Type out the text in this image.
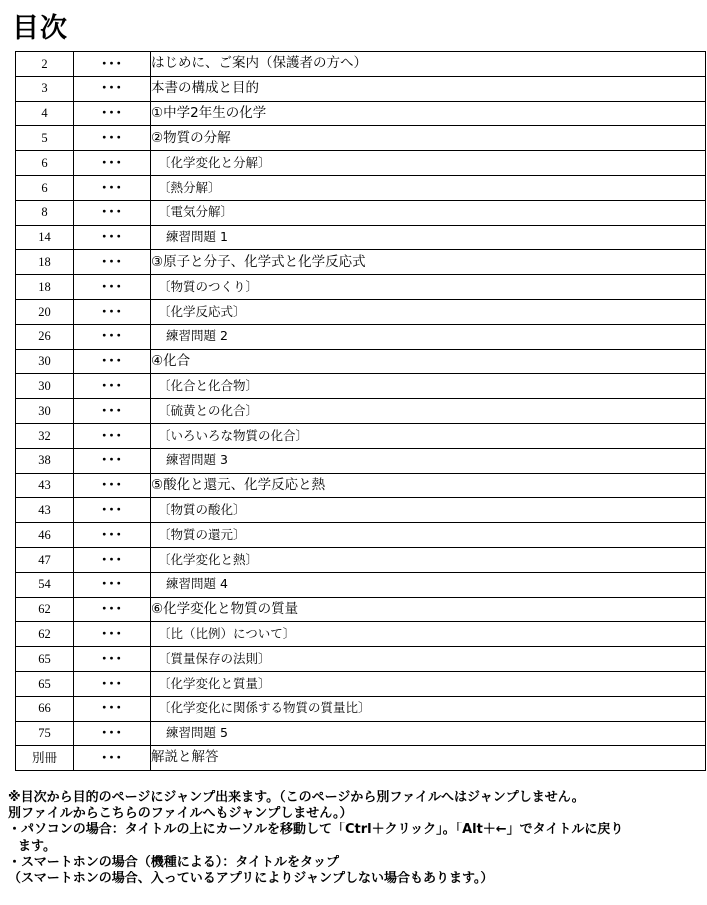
目次
2	･･･	はじめに、ご案内（保護者の方へ）
3	･･･	本書の構成と目的
4	･･･	①中学2年生の化学
5	･･･	②物質の分解
6	･･･	〔化学変化と分解〕
6	･･･	〔熱分解〕
8	･･･	〔電気分解〕
14	･･･	練習問題 1
18	･･･	③原子と分子、化学式と化学反応式
18	･･･	〔物質のつくり〕
20	･･･	〔化学反応式〕
26	･･･	練習問題 2
30	･･･	④化合
30	･･･	〔化合と化合物〕
30	･･･	〔硫黄との化合〕
32	･･･	〔いろいろな物質の化合〕
38	･･･	練習問題 3
43	･･･	⑤酸化と還元、化学反応と熱
43	･･･	〔物質の酸化〕
46	･･･	〔物質の還元〕
47	･･･	〔化学変化と熱〕
54	･･･	練習問題 4
62	･･･	⑥化学変化と物質の質量
62	･･･	〔比（比例）について〕
65	･･･	〔質量保存の法則〕
65	･･･	〔化学変化と質量〕
66	･･･	〔化学変化に関係する物質の質量比〕
75	･･･	練習問題 5
別冊	･･･	解説と解答
※目次から目的のページにジャンプ出来ます。（このページから別ファイルへはジャンプしません。
別ファイルからこちらのファイルへもジャンプしません。）
・パソコンの場合：タイトルの上にカーソルを移動して「Ctrl＋クリック」。「Alt＋←」でタイトルに戻り
ます。
・スマートホンの場合（機種による）：タイトルをタップ
（スマートホンの場合、入っているアプリによりジャンプしない場合もあります。）
